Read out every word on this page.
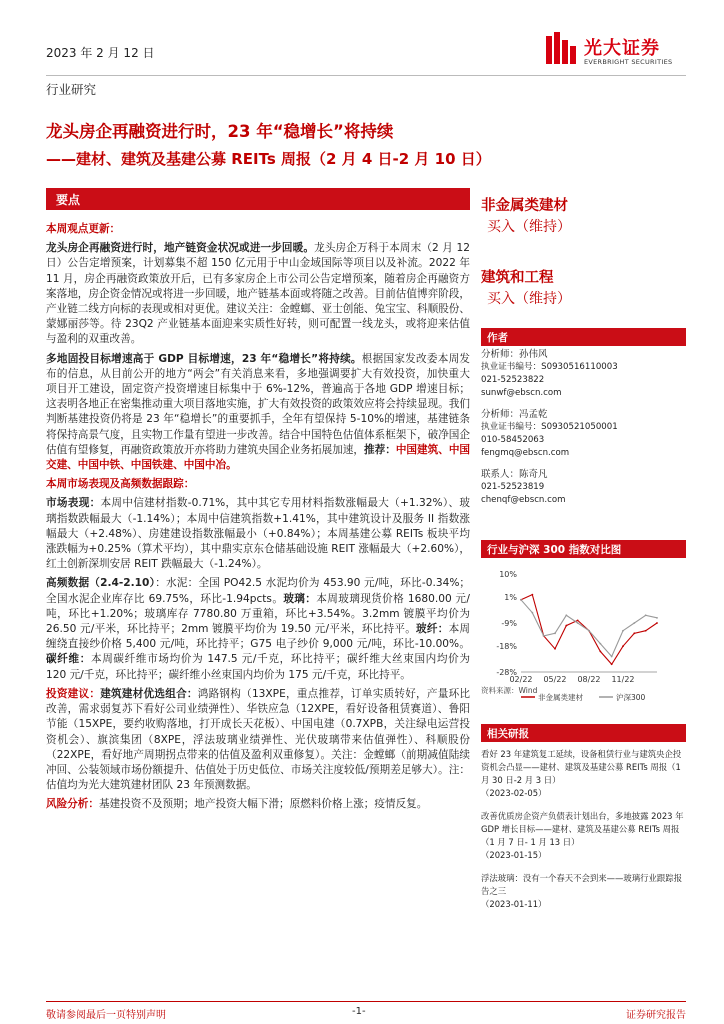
2023 年 2 月 12 日	光大证券
EVERBRIGHT SECURITIES
行业研究
龙头房企再融资进行时，23 年“稳增长”将持续
——建材、建筑及基建公募 REITs 周报（2 月 4 日-2 月 10 日）
要点

本周观点更新：

龙头房企再融资进行时，地产链资金状况或进一步回暖。龙头房企万科于本周末（2 月 12 日）公告定增预案，计划募集不超 150 亿元用于中山金域国际等项目以及补流。2022 年 11 月，房企再融资政策放开后，已有多家房企上市公司公告定增预案，随着房企再融资方案落地，房企资金情况或将进一步回暖，地产链基本面或将随之改善。目前估值博弈阶段，产业链二线方向标的表现或相对更优。建议关注：金螳螂、亚士创能、兔宝宝、科顺股份、蒙娜丽莎等。待 23Q2 产业链基本面迎来实质性好转，则可配置一线龙头，或将迎来估值与盈利的双重改善。

多地固投目标增速高于 GDP 目标增速，23 年“稳增长”将持续。根据国家发改委本周发布的信息，从目前公开的地方“两会”有关消息来看，多地强调要扩大有效投资，加快重大项目开工建设，固定资产投资增速目标集中于 6%-12%，普遍高于各地 GDP 增速目标；这表明各地正在密集推动重大项目落地实施，扩大有效投资的政策效应将会持续显现。我们判断基建投资仍将是 23 年“稳增长”的重要抓手，全年有望保持 5-10%的增速，基建链条将保持高景气度，且实物工作量有望进一步改善。结合中国特色估值体系框架下，破净国企估值有望修复，再融资政策放开亦将助力建筑央国企业务拓展加速，推荐：中国建筑、中国交建、中国中铁、中国铁建、中国中冶。

本周市场表现及高频数据跟踪：

市场表现：本周中信建材指数-0.71%，其中其它专用材料指数涨幅最大（+1.32%）、玻璃指数跌幅最大（-1.14%）；本周中信建筑指数+1.41%，其中建筑设计及服务 II 指数涨幅最大（+2.48%）、房建建设指数涨幅最小（+0.84%）；本周基建公募 REITs 板块平均涨跌幅为+0.25%（算术平均），其中鼎实京东仓储基础设施 REIT 涨幅最大（+2.60%），红土创新深圳安居 REIT 跌幅最大（-1.24%）。

高频数据（2.4-2.10）：水泥：全国 PO42.5 水泥均价为 453.90 元/吨，环比-0.34%；全国水泥企业库存比 69.75%，环比-1.94pcts。玻璃：本周玻璃现货价格 1680.00 元/吨，环比+1.20%；玻璃库存 7780.80 万重箱，环比+3.54%。3.2mm 镀膜平均价为 26.50 元/平米，环比持平；2mm 镀膜平均价为 19.50 元/平米，环比持平。玻纤：本周缠绕直接纱价格 5,400 元/吨，环比持平；G75 电子纱价 9,000 元/吨，环比-10.00%。碳纤维：本周碳纤维市场均价为 147.5 元/千克，环比持平；碳纤维大丝束国内均价为 120 元/千克，环比持平；碳纤维小丝束国内均价为 175 元/千克，环比持平。

投资建议：建筑建材优选组合：鸿路钢构（13XPE，重点推荐，订单实质转好，产量环比改善，需求弱复苏下看好公司业绩弹性）、华铁应急（12XPE，看好设备租赁赛道）、鲁阳节能（15XPE，要约收购落地，打开成长天花板）、中国电建（0.7XPB，关注绿电运营投资机会）、旗滨集团（8XPE，浮法玻璃业绩弹性、光伏玻璃带来估值弹性）、科顺股份（22XPE，看好地产周期拐点带来的估值及盈利双重修复）。关注：金螳螂（前期减值陆续冲回、公装领域市场份额提升、估值处于历史低位、市场关注度较低/预期差足够大）。注：估值均为光大建筑建材团队 23 年预测数据。

风险分析：基建投资不及预期；地产投资大幅下滑；原燃料价格上涨；疫情反复。

非金属类建材
买入（维持）
建筑和工程
买入（维持）
作者
分析师：孙伟风
执业证书编号：S0930516110003
021-52523822
sunwf@ebscn.com
分析师：冯孟乾
执业证书编号：S0930521050001
010-58452063
fengmq@ebscn.com
联系人：陈奇凡
021-52523819
chenqf@ebscn.com
行业与沪深 300 指数对比图
10%
1%
-9%
-18%
-28%
02/22 05/22 08/22 11/22
非金属类建材	沪深300
资料来源：Wind
相关研报
看好 23 年建筑复工延续，设备租赁行业与建筑央企投资机会凸显——建材、建筑及基建公募 REITs 周报（1 月 30 日-2 月 3 日）
（2023-02-05）
改善优质房企资产负债表计划出台，多地披露 2023 年 GDP 增长目标——建材、建筑及基建公募 REITs 周报（1 月 7 日- 1 月 13 日）
（2023-01-15）
浮法玻璃：没有一个春天不会到来——玻璃行业跟踪报告之三
（2023-01-11）
敬请参阅最后一页特别声明	-1-	证券研究报告
